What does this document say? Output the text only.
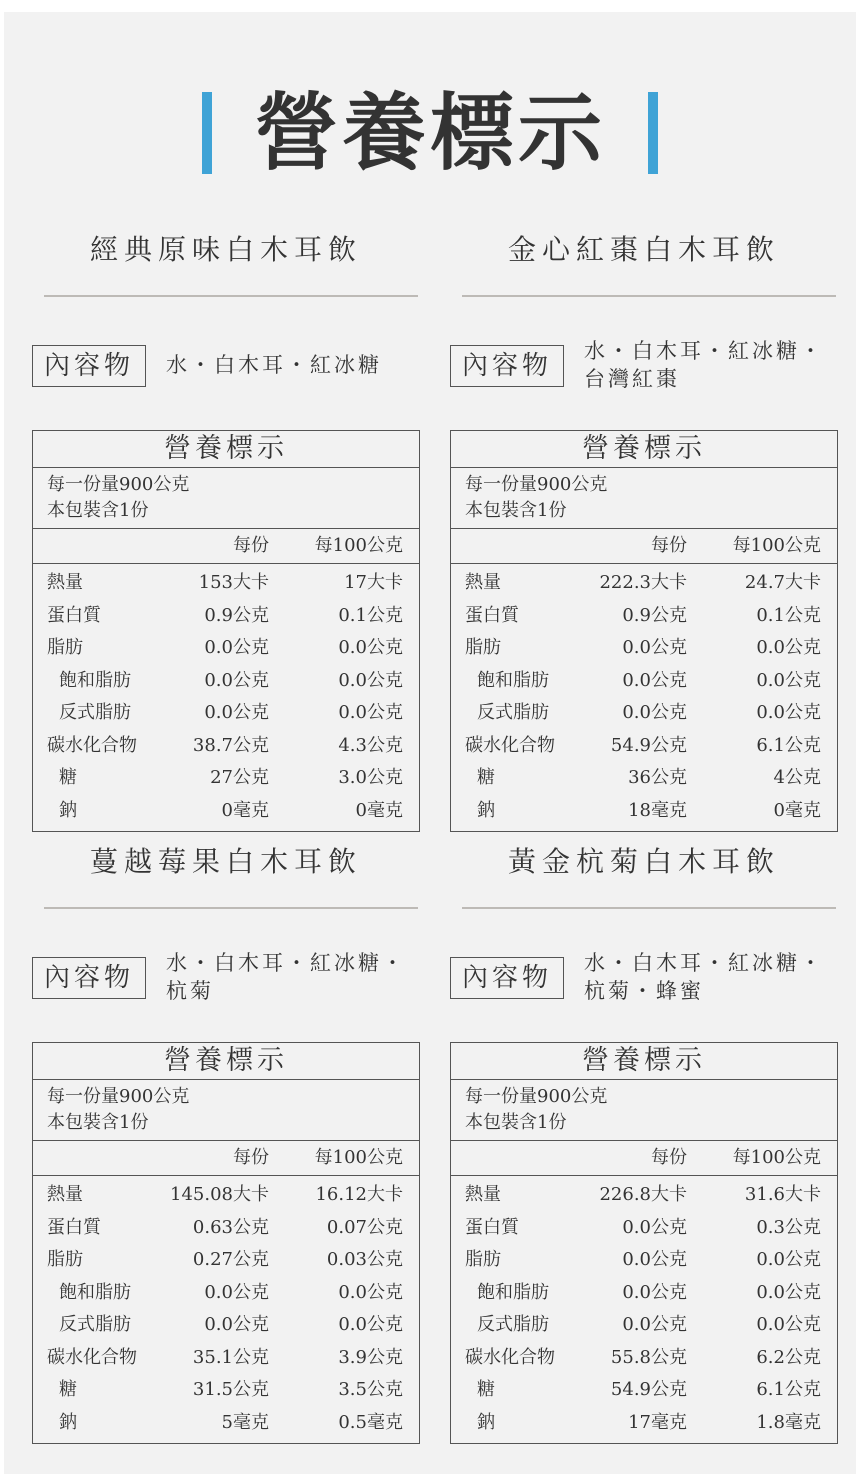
營養標示
經典原味白木耳飲
內容物	水・白木耳・紅冰糖
營養標示
每一份量900公克
本包裝含1份
每份	每100公克
熱量	153大卡	17大卡
蛋白質	0.9公克	0.1公克
脂肪	0.0公克	0.0公克
飽和脂肪	0.0公克	0.0公克
反式脂肪	0.0公克	0.0公克
碳水化合物	38.7公克	4.3公克
糖	27公克	3.0公克
鈉	0毫克	0毫克
金心紅棗白木耳飲
內容物	水・白木耳・紅冰糖・
台灣紅棗
營養標示
每一份量900公克
本包裝含1份
每份	每100公克
熱量	222.3大卡	24.7大卡
蛋白質	0.9公克	0.1公克
脂肪	0.0公克	0.0公克
飽和脂肪	0.0公克	0.0公克
反式脂肪	0.0公克	0.0公克
碳水化合物	54.9公克	6.1公克
糖	36公克	4公克
鈉	18毫克	0毫克
蔓越莓果白木耳飲
內容物	水・白木耳・紅冰糖・
杭菊
營養標示
每一份量900公克
本包裝含1份
每份	每100公克
熱量	145.08大卡	16.12大卡
蛋白質	0.63公克	0.07公克
脂肪	0.27公克	0.03公克
飽和脂肪	0.0公克	0.0公克
反式脂肪	0.0公克	0.0公克
碳水化合物	35.1公克	3.9公克
糖	31.5公克	3.5公克
鈉	5毫克	0.5毫克
黃金杭菊白木耳飲
內容物	水・白木耳・紅冰糖・
杭菊・蜂蜜
營養標示
每一份量900公克
本包裝含1份
每份	每100公克
熱量	226.8大卡	31.6大卡
蛋白質	0.0公克	0.3公克
脂肪	0.0公克	0.0公克
飽和脂肪	0.0公克	0.0公克
反式脂肪	0.0公克	0.0公克
碳水化合物	55.8公克	6.2公克
糖	54.9公克	6.1公克
鈉	17毫克	1.8毫克
